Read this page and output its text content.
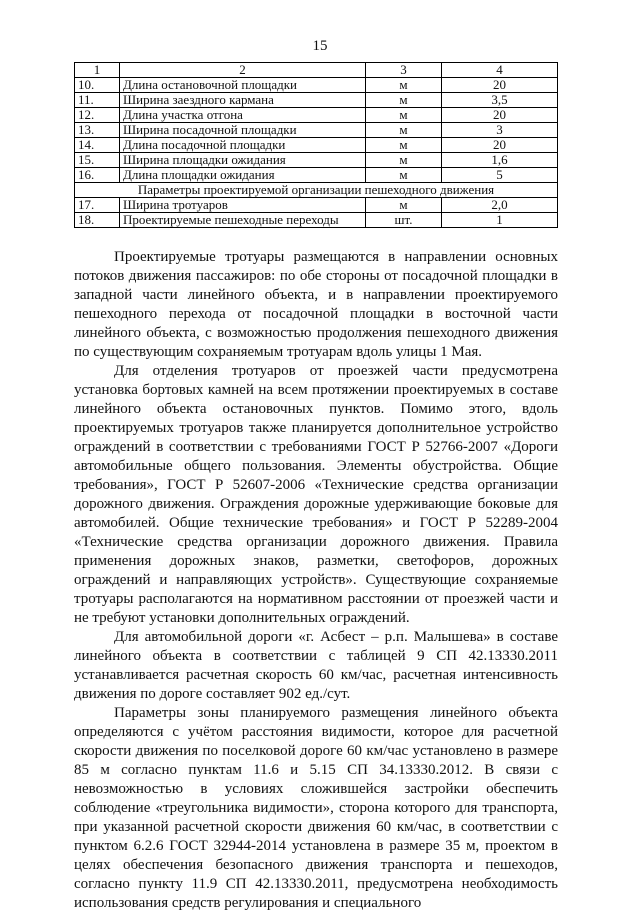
15
1	2	3	4
10.	Длина остановочной площадки	м	20
11.	Ширина заездного кармана	м	3,5
12.	Длина участка отгона	м	20
13.	Ширина посадочной площадки	м	3
14.	Длина посадочной площадки	м	20
15.	Ширина площадки ожидания	м	1,6
16.	Длина площадки ожидания	м	5
Параметры проектируемой организации пешеходного движения			
17.	Ширина тротуаров	м	2,0
18.	Проектируемые пешеходные переходы	шт.	1

Проектируемые тротуары размещаются в направлении основных потоков движения пассажиров: по обе стороны от посадочной площадки в западной части линейного объекта, и в направлении проектируемого пешеходного перехода от посадочной площадки в восточной части линейного объекта, с возможностью продолжения пешеходного движения по существующим сохраняемым тротуарам вдоль улицы 1 Мая.

Для отделения тротуаров от проезжей части предусмотрена установка бортовых камней на всем протяжении проектируемых в составе линейного объекта остановочных пунктов. Помимо этого, вдоль проектируемых тротуаров также планируется дополнительное устройство ограждений в соответствии с требованиями ГОСТ Р 52766-2007 «Дороги автомобильные общего пользования. Элементы обустройства. Общие требования», ГОСТ Р 52607-2006 «Технические средства организации дорожного движения. Ограждения дорожные удерживающие боковые для автомобилей. Общие технические требования» и ГОСТ Р 52289-2004 «Технические средства организации дорожного движения. Правила применения дорожных знаков, разметки, светофоров, дорожных ограждений и направляющих устройств». Существующие сохраняемые тротуары располагаются на нормативном расстоянии от проезжей части и не требуют установки дополнительных ограждений.

Для автомобильной дороги «г. Асбест – р.п. Малышева» в составе линейного объекта в соответствии с таблицей 9 СП 42.13330.2011 устанавливается расчетная скорость 60 км/час, расчетная интенсивность движения по дороге составляет 902 ед./сут.

Параметры зоны планируемого размещения линейного объекта определяются с учётом расстояния видимости, которое для расчетной скорости движения по поселковой дороге 60 км/час установлено в размере 85 м согласно пунктам 11.6 и 5.15 СП 34.13330.2012. В связи с невозможностью в условиях сложившейся застройки обеспечить соблюдение «треугольника видимости», сторона которого для транспорта, при указанной расчетной скорости движения 60 км/час, в соответствии с пунктом 6.2.6 ГОСТ 32944-2014 установлена в размере 35 м, проектом в целях обеспечения безопасного движения транспорта и пешеходов, согласно пункту 11.9 СП 42.13330.2011, предусмотрена необходимость использования средств регулирования и специального
